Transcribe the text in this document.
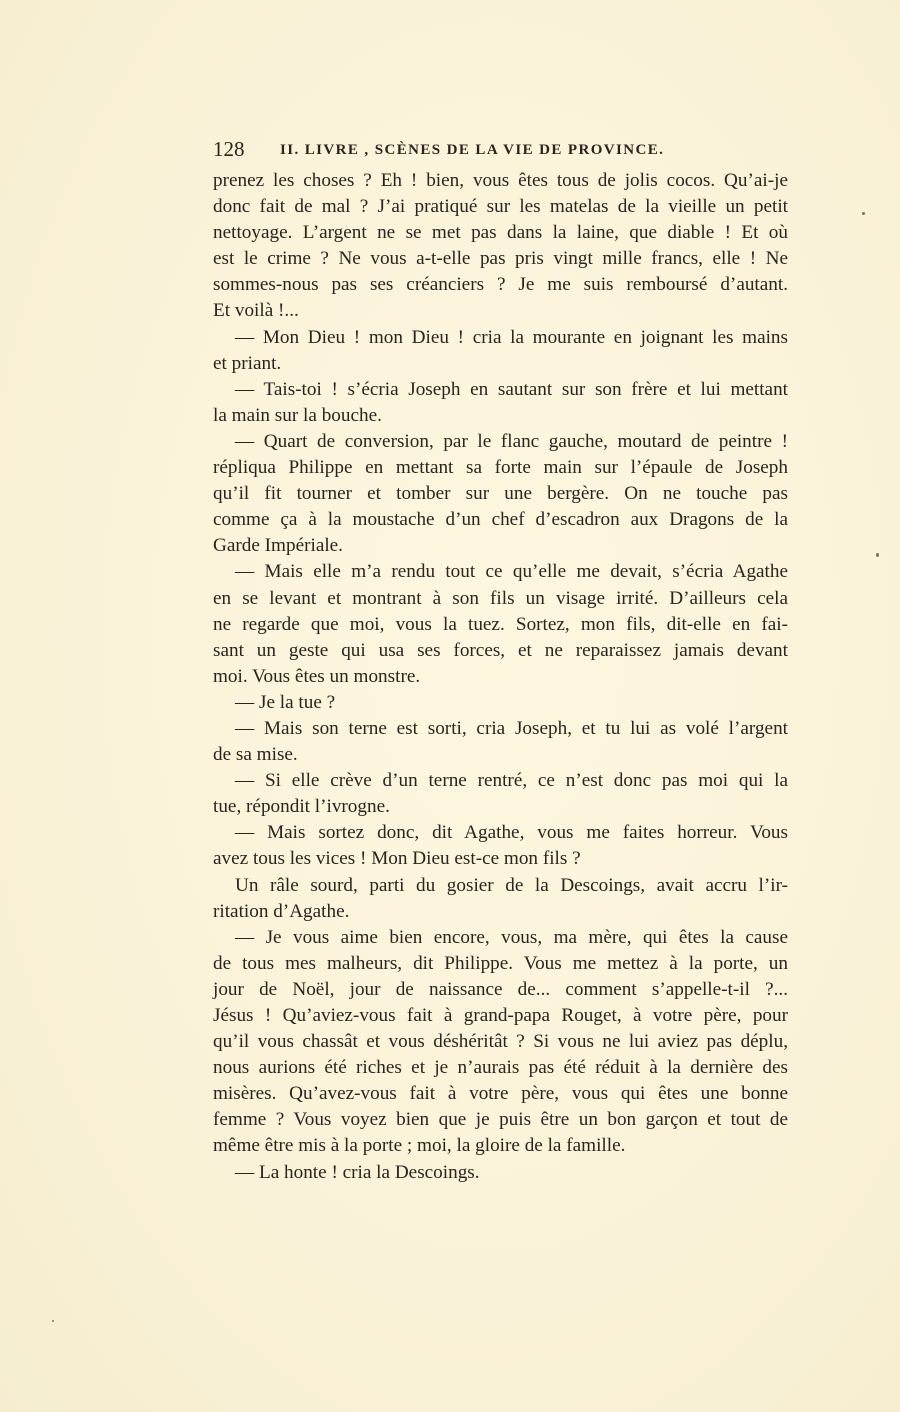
128 II. LIVRE , SCÈNES DE LA VIE DE PROVINCE.
prenez les choses ? Eh ! bien, vous êtes tous de jolis cocos. Qu’ai-je
donc fait de mal ? J’ai pratiqué sur les matelas de la vieille un petit
nettoyage. L’argent ne se met pas dans la laine, que diable ! Et où
est le crime ? Ne vous a-t-elle pas pris vingt mille francs, elle ! Ne
sommes-nous pas ses créanciers ? Je me suis remboursé d’autant.
Et voilà !...
— Mon Dieu ! mon Dieu ! cria la mourante en joignant les mains
et priant.
— Tais-toi ! s’écria Joseph en sautant sur son frère et lui mettant
la main sur la bouche.
— Quart de conversion, par le flanc gauche, moutard de peintre !
répliqua Philippe en mettant sa forte main sur l’épaule de Joseph
qu’il fit tourner et tomber sur une bergère. On ne touche pas
comme ça à la moustache d’un chef d’escadron aux Dragons de la
Garde Impériale.
— Mais elle m’a rendu tout ce qu’elle me devait, s’écria Agathe
en se levant et montrant à son fils un visage irrité. D’ailleurs cela
ne regarde que moi, vous la tuez. Sortez, mon fils, dit-elle en fai-
sant un geste qui usa ses forces, et ne reparaissez jamais devant
moi. Vous êtes un monstre.
— Je la tue ?
— Mais son terne est sorti, cria Joseph, et tu lui as volé l’argent
de sa mise.
— Si elle crève d’un terne rentré, ce n’est donc pas moi qui la
tue, répondit l’ivrogne.
— Mais sortez donc, dit Agathe, vous me faites horreur. Vous
avez tous les vices ! Mon Dieu est-ce mon fils ?
Un râle sourd, parti du gosier de la Descoings, avait accru l’ir-
ritation d’Agathe.
— Je vous aime bien encore, vous, ma mère, qui êtes la cause
de tous mes malheurs, dit Philippe. Vous me mettez à la porte, un
jour de Noël, jour de naissance de... comment s’appelle-t-il ?...
Jésus ! Qu’aviez-vous fait à grand-papa Rouget, à votre père, pour
qu’il vous chassât et vous déshéritât ? Si vous ne lui aviez pas déplu,
nous aurions été riches et je n’aurais pas été réduit à la dernière des
misères. Qu’avez-vous fait à votre père, vous qui êtes une bonne
femme ? Vous voyez bien que je puis être un bon garçon et tout de
même être mis à la porte ; moi, la gloire de la famille.
— La honte ! cria la Descoings.
